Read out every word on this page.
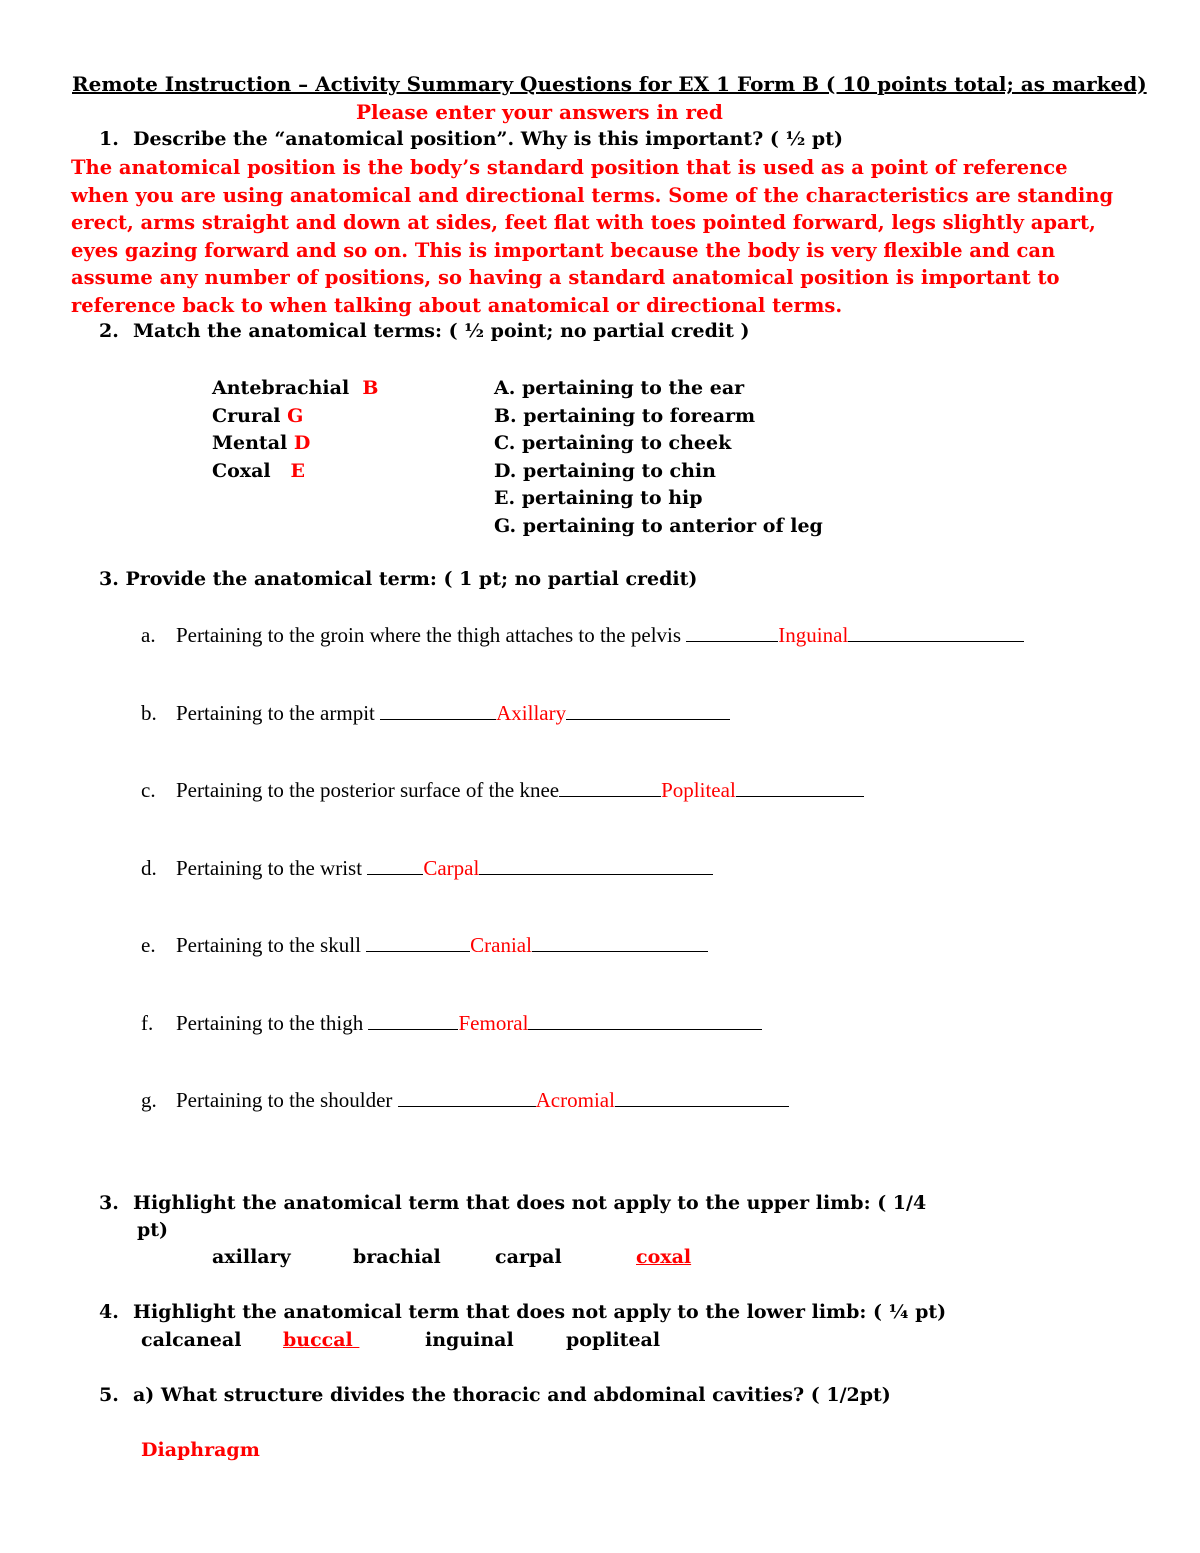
Remote Instruction – Activity Summary Questions for EX 1 Form B ( 10 points total; as marked)
Please enter your answers in red
1. Describe the “anatomical position”. Why is this important? ( ½ pt)
The anatomical position is the body’s standard position that is used as a point of reference when you are using anatomical and directional terms. Some of the characteristics are standing erect, arms straight and down at sides, feet flat with toes pointed forward, legs slightly apart, eyes gazing forward and so on. This is important because the body is very flexible and can assume any number of positions, so having a standard anatomical position is important to reference back to when talking about anatomical or directional terms.
2. Match the anatomical terms: ( ½ point; no partial credit )
Antebrachial B
Crural G
Mental D
Coxal E
A. pertaining to the ear
B. pertaining to forearm
C. pertaining to cheek
D. pertaining to chin
E. pertaining to hip
G. pertaining to anterior of leg
3. Provide the anatomical term: ( 1 pt; no partial credit)
a. Pertaining to the groin where the thigh attaches to the pelvis	Inguinal
b. Pertaining to the armpit	Axillary
c. Pertaining to the posterior surface of the knee	Popliteal
d. Pertaining to the wrist	Carpal
e. Pertaining to the skull	Cranial
f. Pertaining to the thigh	Femoral
g. Pertaining to the shoulder	Acromial
3. Highlight the anatomical term that does not apply to the upper limb: ( 1/4
pt)
axillary	brachial	carpal	coxal
4. Highlight the anatomical term that does not apply to the lower limb: ( ¼ pt)
calcaneal buccal	inguinal	popliteal
5. a) What structure divides the thoracic and abdominal cavities? ( 1/2pt)
Diaphragm
